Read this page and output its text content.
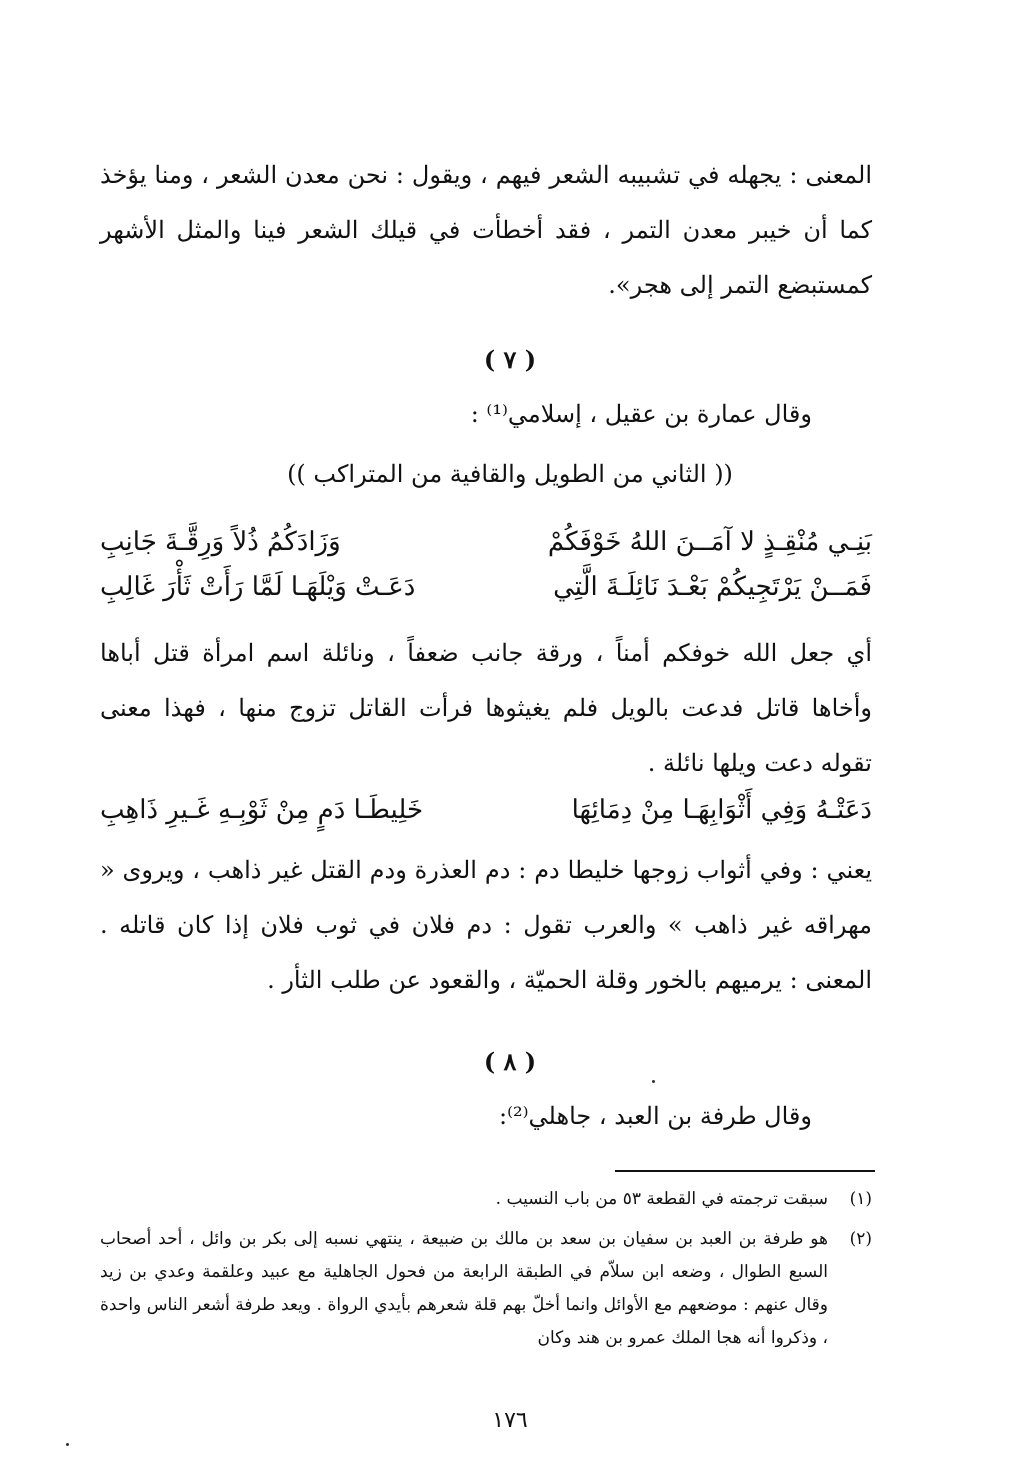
المعنى : يجهله في تشبيبه الشعر فيهم ، ويقول : نحن معدن الشعر ، ومنا يؤخذ كما أن خيبر معدن التمر ، فقد أخطأت في قيلك الشعر فينا والمثل الأشهر كمستبضع التمر إلى هجر».
( ٧ )
وقال عمارة بن عقيل ، إسلامي⁽¹⁾ :
(( الثاني من الطويل والقافية من المتراكب ))
بَنِـي مُنْقِـذٍ لا آمَــنَ اللهُ خَوْفَكُمْ
وَزَادَكُمُ ذُلاً وَرِقَّـةَ جَانِبِ
فَمَــنْ يَرْتَجِيكُمْ بَعْـدَ نَائِلَـةَ الَّتِي
دَعَـتْ وَيْلَهَـا لَمَّا رَأَتْ ثَأْرَ غَالِبِ
أي جعل الله خوفكم أمناً ، ورقة جانب ضعفاً ، ونائلة اسم امرأة قتل أباها وأخاها قاتل فدعت بالويل فلم يغيثوها فرأت القاتل تزوج منها ، فهذا معنى تقوله دعت ويلها نائلة .
دَعَتْـهُ وَفِي أَثْوَابِهَـا مِنْ دِمَائِهَا
خَلِيطَـا دَمٍ مِنْ ثَوْبِـهِ غَـيرِ ذَاهِبِ
يعني : وفي أثواب زوجها خليطا دم : دم العذرة ودم القتل غير ذاهب ، ويروى « مهراقه غير ذاهب » والعرب تقول : دم فلان في ثوب فلان إذا كان قاتله . المعنى : يرميهم بالخور وقلة الحميّة ، والقعود عن طلب الثأر .
( ٨ )
وقال طرفة بن العبد ، جاهلي⁽²⁾:
(١)
سبقت ترجمته في القطعة ٥٣ من باب النسيب .
(٢)
هو طرفة بن العبد بن سفيان بن سعد بن مالك بن ضبيعة ، ينتهي نسبه إلى بكر بن وائل ، أحد أصحاب السبع الطوال ، وضعه ابن سلاّم في الطبقة الرابعة من فحول الجاهلية مع عبيد وعلقمة وعدي بن زيد وقال عنهم : موضعهم مع الأوائل وانما أخلّ بهم قلة شعرهم بأيدي الرواة . ويعد طرفة أشعر الناس واحدة ، وذكروا أنه هجا الملك عمرو بن هند وكان
١٧٦
